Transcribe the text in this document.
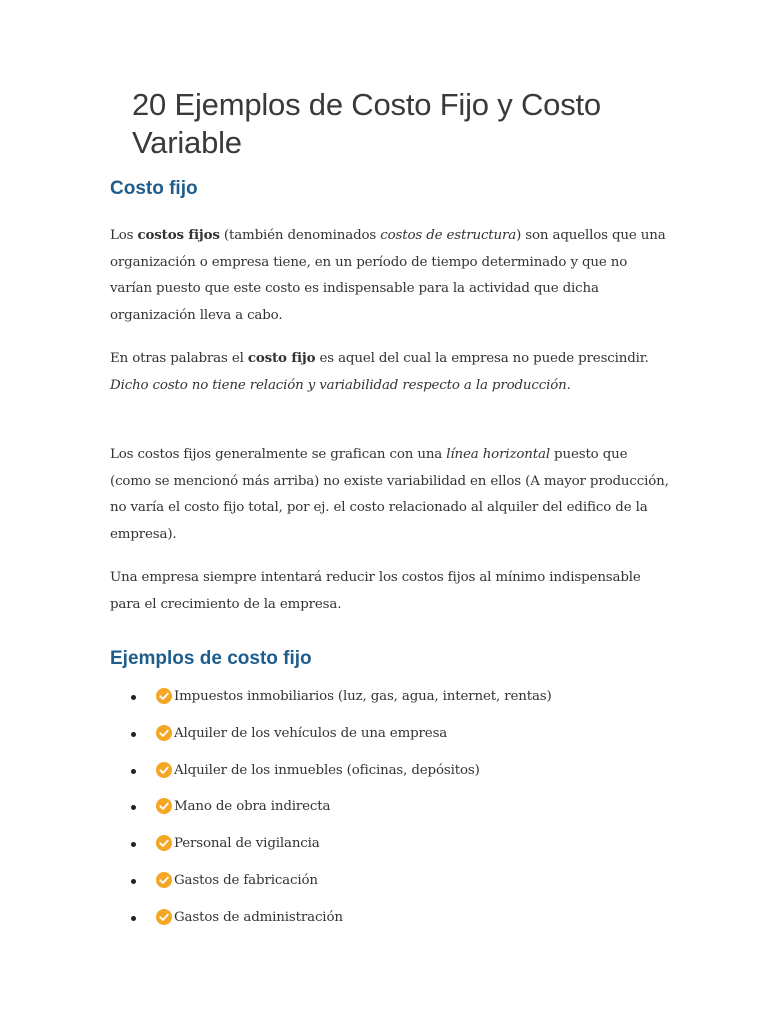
20 Ejemplos de Costo Fijo y Costo Variable
Costo fijo

Los costos fijos (también denominados costos de estructura) son aquellos que una organización o empresa tiene, en un período de tiempo determinado y que no varían puesto que este costo es indispensable para la actividad que dicha organización lleva a cabo.

En otras palabras el costo fijo es aquel del cual la empresa no puede prescindir. Dicho costo no tiene relación y variabilidad respecto a la producción.

Los costos fijos generalmente se grafican con una línea horizontal puesto que (como se mencionó más arriba) no existe variabilidad en ellos (A mayor producción, no varía el costo fijo total, por ej. el costo relacionado al alquiler del edifico de la empresa).

Una empresa siempre intentará reducir los costos fijos al mínimo indispensable para el crecimiento de la empresa.

Ejemplos de costo fijo
Impuestos inmobiliarios (luz, gas, agua, internet, rentas)
Alquiler de los vehículos de una empresa
Alquiler de los inmuebles (oficinas, depósitos)
Mano de obra indirecta
Personal de vigilancia
Gastos de fabricación
Gastos de administración
